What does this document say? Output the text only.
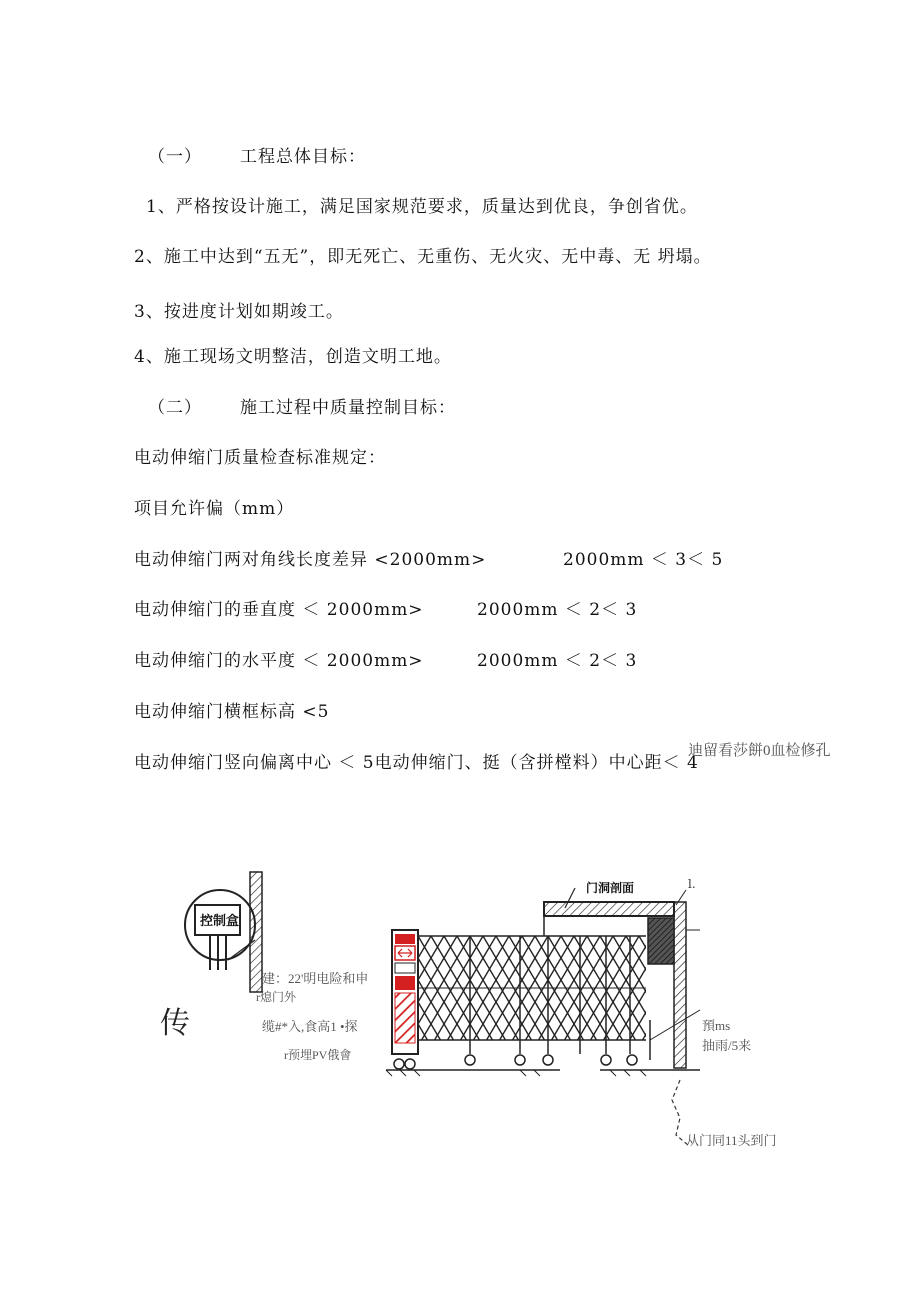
（一） 工程总体目标：
1、严格按设计施工，满足国家规范要求，质量达到优良，争创省优。
2、施工中达到“五无”，即无死亡、无重伤、无火灾、无中毒、无 坍塌。
3、按进度计划如期竣工。
4、施工现场文明整洁，创造文明工地。
（二） 施工过程中质量控制目标：
电动伸缩门质量检查标准规定：
项目允许偏（mm）
电动伸缩门两对角线长度差异 <2000mm>	2000mm ＜ 3＜ 5
电动伸缩门的垂直度 ＜ 2000mm>	2000mm ＜ 2＜ 3
电动伸缩门的水平度 ＜ 2000mm>	2000mm ＜ 2＜ 3
电动伸缩门横框标高 <5
电动伸缩门竖向偏离中心 ＜ 5电动伸缩门、挺（含拼樘料）中心距＜ 4
迪留看莎餅0血检修孔
控制盒
门洞剖面	l.
传
建：22'明电险和申
r熄门外
缆#*入,食高1 •探
r预埋PV俄會
預ms
抽雨/5来
从门同11头到门
